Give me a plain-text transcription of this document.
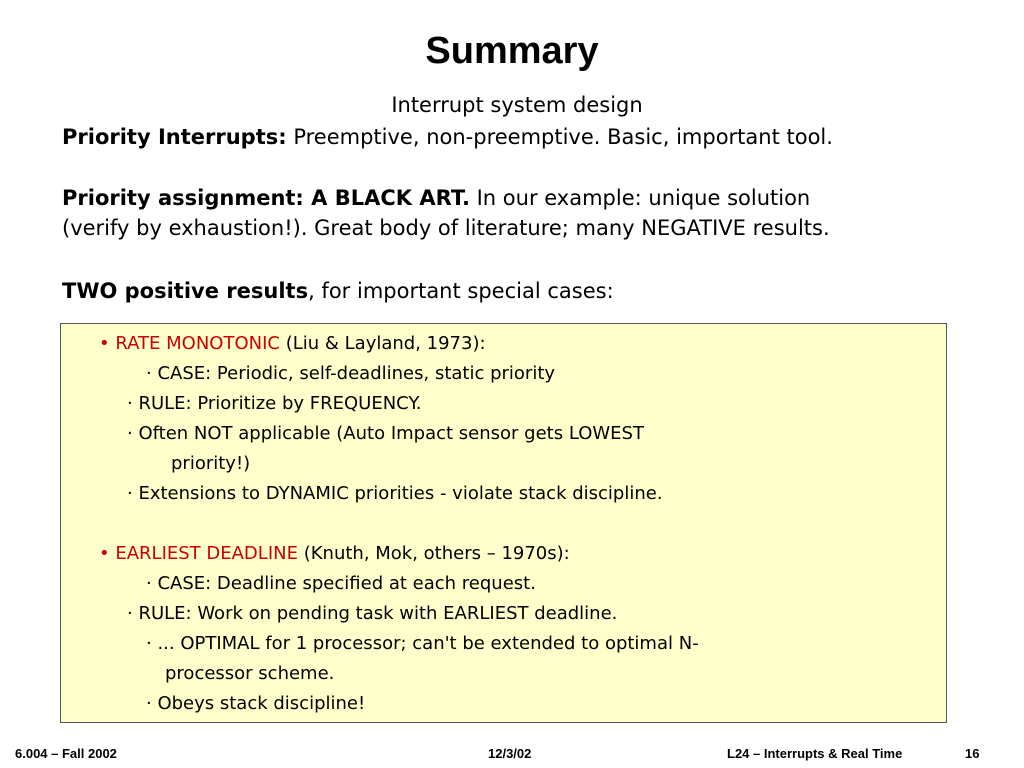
Summary
Interrupt system design
Priority Interrupts: Preemptive, non-preemptive. Basic, important tool.
Priority assignment: A BLACK ART. In our example: unique solution
(verify by exhaustion!). Great body of literature; many NEGATIVE results.
TWO positive results, for important special cases:
• RATE MONOTONIC (Liu & Layland, 1973):
· CASE: Periodic, self-deadlines, static priority
· RULE: Prioritize by FREQUENCY.
· Often NOT applicable (Auto Impact sensor gets LOWEST
priority!)
· Extensions to DYNAMIC priorities - violate stack discipline.
• EARLIEST DEADLINE (Knuth, Mok, others – 1970s):
· CASE: Deadline specified at each request.
· RULE: Work on pending task with EARLIEST deadline.
· ... OPTIMAL for 1 processor; can't be extended to optimal N-
processor scheme.
· Obeys stack discipline!
6.004 – Fall 2002	12/3/02	L24 – Interrupts & Real Time	16
